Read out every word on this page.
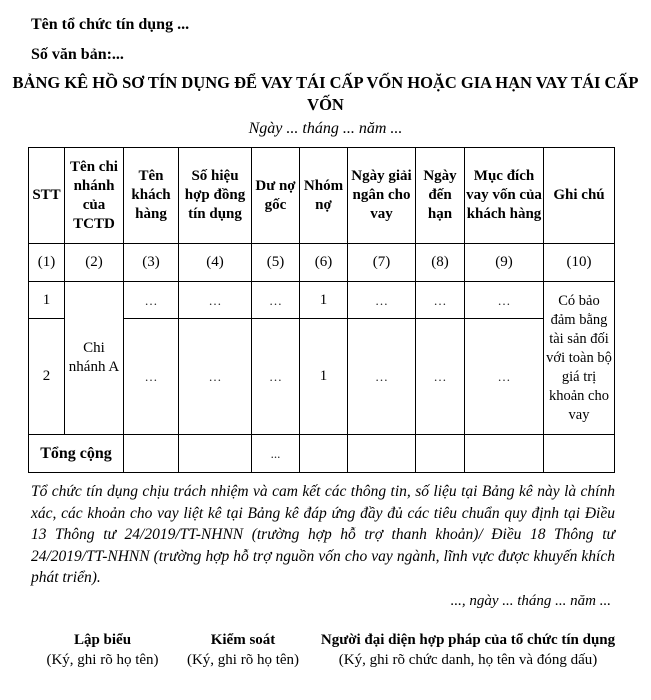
Tên tổ chức tín dụng ...
Số văn bản:...
BẢNG KÊ HỒ SƠ TÍN DỤNG ĐỂ VAY TÁI CẤP VỐN HOẶC GIA HẠN VAY TÁI CẤP VỐN
Ngày ... tháng ... năm ...
STT	Tên chi nhánh của TCTD	Tên khách hàng	Số hiệu hợp đồng tín dụng	Dư nợ gốc	Nhóm nợ	Ngày giải ngân cho vay	Ngày đến hạn	Mục đích vay vốn của khách hàng	Ghi chú
(1)	(2)	(3)	(4)	(5)	(6)	(7)	(8)	(9)	(10)
1	Chi nhánh A	…	…	…	1	…	…	…	Có bảo đảm bằng tài sản đối với toàn bộ giá trị khoản cho vay
2		…	…	…	1	…	…	…	
Tổng cộng				...					
Tổ chức tín dụng chịu trách nhiệm và cam kết các thông tin, số liệu tại Bảng kê này là chính xác, các khoản cho vay liệt kê tại Bảng kê đáp ứng đầy đủ các tiêu chuẩn quy định tại Điều 13 Thông tư 24/2019/TT-NHNN (trường hợp hỗ trợ thanh khoản)/ Điều 18 Thông tư 24/2019/TT-NHNN (trường hợp hỗ trợ nguồn vốn cho vay ngành, lĩnh vực được khuyến khích phát triển).
..., ngày ... tháng ... năm ...
Lập biểu
(Ký, ghi rõ họ tên)
Kiểm soát
(Ký, ghi rõ họ tên)
Người đại diện hợp pháp của tổ chức tín dụng
(Ký, ghi rõ chức danh, họ tên và đóng dấu)
